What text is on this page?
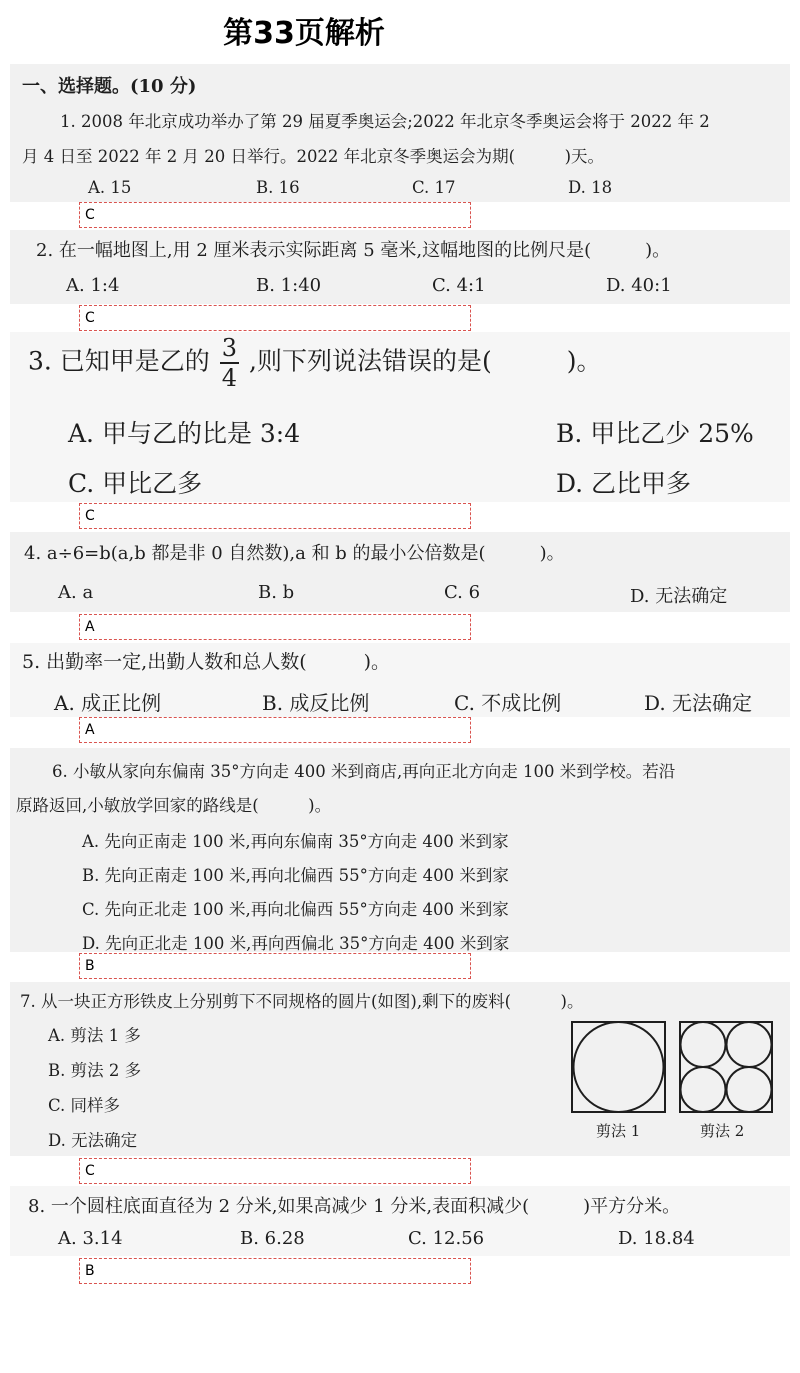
第33页解析
一、选择题。(10 分)
1. 2008 年北京成功举办了第 29 届夏季奥运会;2022 年北京冬季奥运会将于 2022 年 2
月 4 日至 2022 年 2 月 20 日举行。2022 年北京冬季奥运会为期(　　　)天。
A. 15	B. 16	C. 17	D. 18
C
2. 在一幅地图上,用 2 厘米表示实际距离 5 毫米,这幅地图的比例尺是(　　　)。
A. 1:4	B. 1:40	C. 4:1	D. 40:1
C
3. 已知甲是乙的 $\frac{3}{4}$ ,则下列说法错误的是(　　　)。
A. 甲与乙的比是 3:4	B. 甲比乙少 25%
C. 甲比乙多	D. 乙比甲多
C
4. a÷6=b(a,b 都是非 0 自然数),a 和 b 的最小公倍数是(　　　)。
A. a	B. b	C. 6	D. 无法确定
A
5. 出勤率一定,出勤人数和总人数(　　　)。
A. 成正比例	B. 成反比例	C. 不成比例	D. 无法确定
A
6. 小敏从家向东偏南 35°方向走 400 米到商店,再向正北方向走 100 米到学校。若沿
原路返回,小敏放学回家的路线是(　　　)。
A. 先向正南走 100 米,再向东偏南 35°方向走 400 米到家
B. 先向正南走 100 米,再向北偏西 55°方向走 400 米到家
C. 先向正北走 100 米,再向北偏西 55°方向走 400 米到家
D. 先向正北走 100 米,再向西偏北 35°方向走 400 米到家
B
7. 从一块正方形铁皮上分别剪下不同规格的圆片(如图),剩下的废料(　　　)。
A. 剪法 1 多
B. 剪法 2 多
C. 同样多
D. 无法确定	剪法 1	剪法 2
C
8. 一个圆柱底面直径为 2 分米,如果高减少 1 分米,表面积减少(　　　)平方分米。
A. 3.14	B. 6.28	C. 12.56	D. 18.84
B
